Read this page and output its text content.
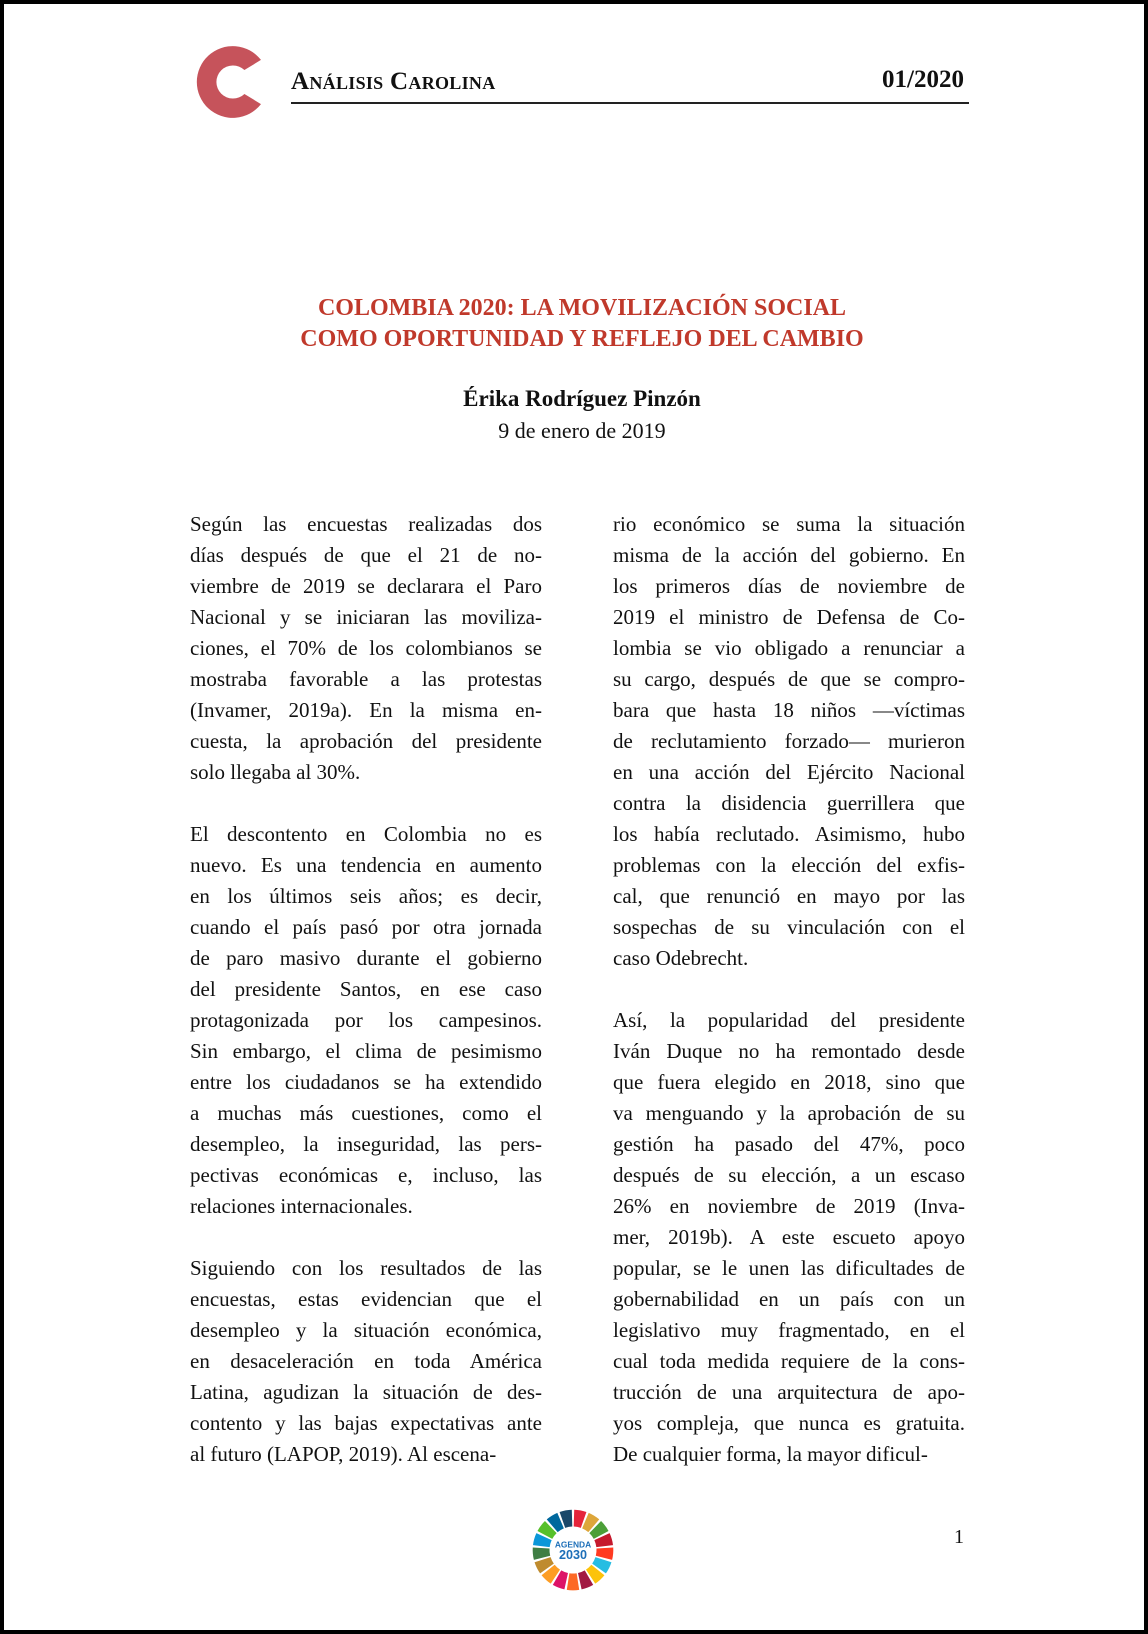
Análisis Carolina	01/2020
COLOMBIA 2020: LA MOVILIZACIÓN SOCIAL
COMO OPORTUNIDAD Y REFLEJO DEL CAMBIO
Érika Rodríguez Pinzón
9 de enero de 2019

Según las encuestas realizadas dos
días después de que el 21 de no-
viembre de 2019 se declarara el Paro
Nacional y se iniciaran las moviliza-
ciones, el 70% de los colombianos se
mostraba favorable a las protestas
(Invamer, 2019a). En la misma en-
cuesta, la aprobación del presidente
solo llegaba al 30%.

El descontento en Colombia no es
nuevo. Es una tendencia en aumento
en los últimos seis años; es decir,
cuando el país pasó por otra jornada
de paro masivo durante el gobierno
del presidente Santos, en ese caso
protagonizada por los campesinos.
Sin embargo, el clima de pesimismo
entre los ciudadanos se ha extendido
a muchas más cuestiones, como el
desempleo, la inseguridad, las pers-
pectivas económicas e, incluso, las
relaciones internacionales.

Siguiendo con los resultados de las
encuestas, estas evidencian que el
desempleo y la situación económica,
en desaceleración en toda América
Latina, agudizan la situación de des-
contento y las bajas expectativas ante
al futuro (LAPOP, 2019). Al escena-

rio económico se suma la situación
misma de la acción del gobierno. En
los primeros días de noviembre de
2019 el ministro de Defensa de Co-
lombia se vio obligado a renunciar a
su cargo, después de que se compro-
bara que hasta 18 niños —víctimas
de reclutamiento forzado— murieron
en una acción del Ejército Nacional
contra la disidencia guerrillera que
los había reclutado. Asimismo, hubo
problemas con la elección del exfis-
cal, que renunció en mayo por las
sospechas de su vinculación con el
caso Odebrecht.

Así, la popularidad del presidente
Iván Duque no ha remontado desde
que fuera elegido en 2018, sino que
va menguando y la aprobación de su
gestión ha pasado del 47%, poco
después de su elección, a un escaso
26% en noviembre de 2019 (Inva-
mer, 2019b). A este escueto apoyo
popular, se le unen las dificultades de
gobernabilidad en un país con un
legislativo muy fragmentado, en el
cual toda medida requiere de la cons-
trucción de una arquitectura de apo-
yos compleja, que nunca es gratuita.
De cualquier forma, la mayor dificul-

AGENDA
2030
1
